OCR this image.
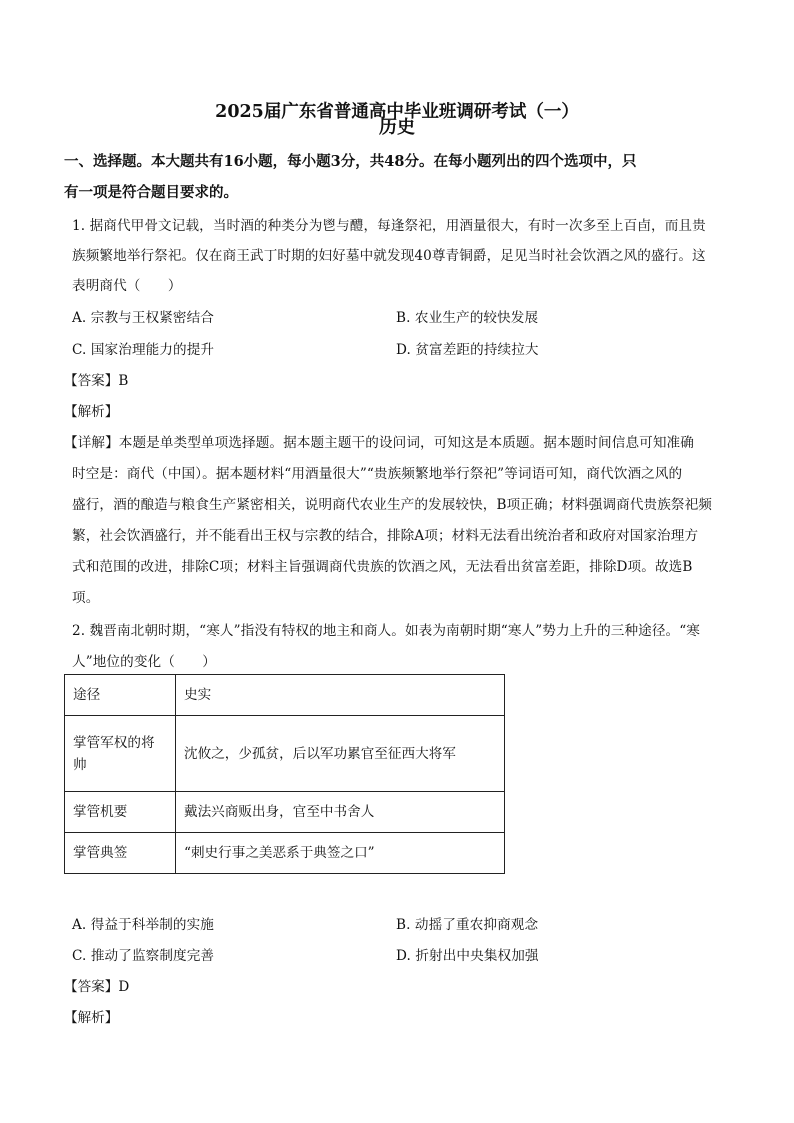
2025届广东省普通高中毕业班调研考试（一）
历史
一、选择题。本大题共有16小题，每小题3分，共48分。在每小题列出的四个选项中，只
有一项是符合题目要求的。
1. 据商代甲骨文记载，当时酒的种类分为鬯与醴，每逢祭祀，用酒量很大，有时一次多至上百卣，而且贵
族频繁地举行祭祀。仅在商王武丁时期的妇好墓中就发现40尊青铜爵，足见当时社会饮酒之风的盛行。这
表明商代（　　）
A. 宗教与王权紧密结合	B. 农业生产的较快发展
C. 国家治理能力的提升	D. 贫富差距的持续拉大
【答案】B
【解析】
【详解】本题是单类型单项选择题。据本题主题干的设问词，可知这是本质题。据本题时间信息可知准确
时空是：商代（中国）。据本题材料“用酒量很大”“贵族频繁地举行祭祀”等词语可知，商代饮酒之风的
盛行，酒的酿造与粮食生产紧密相关，说明商代农业生产的发展较快，B项正确；材料强调商代贵族祭祀频
繁，社会饮酒盛行，并不能看出王权与宗教的结合，排除A项；材料无法看出统治者和政府对国家治理方
式和范围的改进，排除C项；材料主旨强调商代贵族的饮酒之风，无法看出贫富差距，排除D项。故选B
项。
2. 魏晋南北朝时期，“寒人”指没有特权的地主和商人。如表为南朝时期“寒人”势力上升的三种途径。“寒
人”地位的变化（　　）
途径	史实

掌管军权的将
帅	沈攸之，少孤贫，后以军功累官至征西大将军
掌管机要	戴法兴商贩出身，官至中书舍人
掌管典签	“刺史行事之美恶系于典签之口”
A. 得益于科举制的实施	B. 动摇了重农抑商观念
C. 推动了监察制度完善	D. 折射出中央集权加强
【答案】D
【解析】
